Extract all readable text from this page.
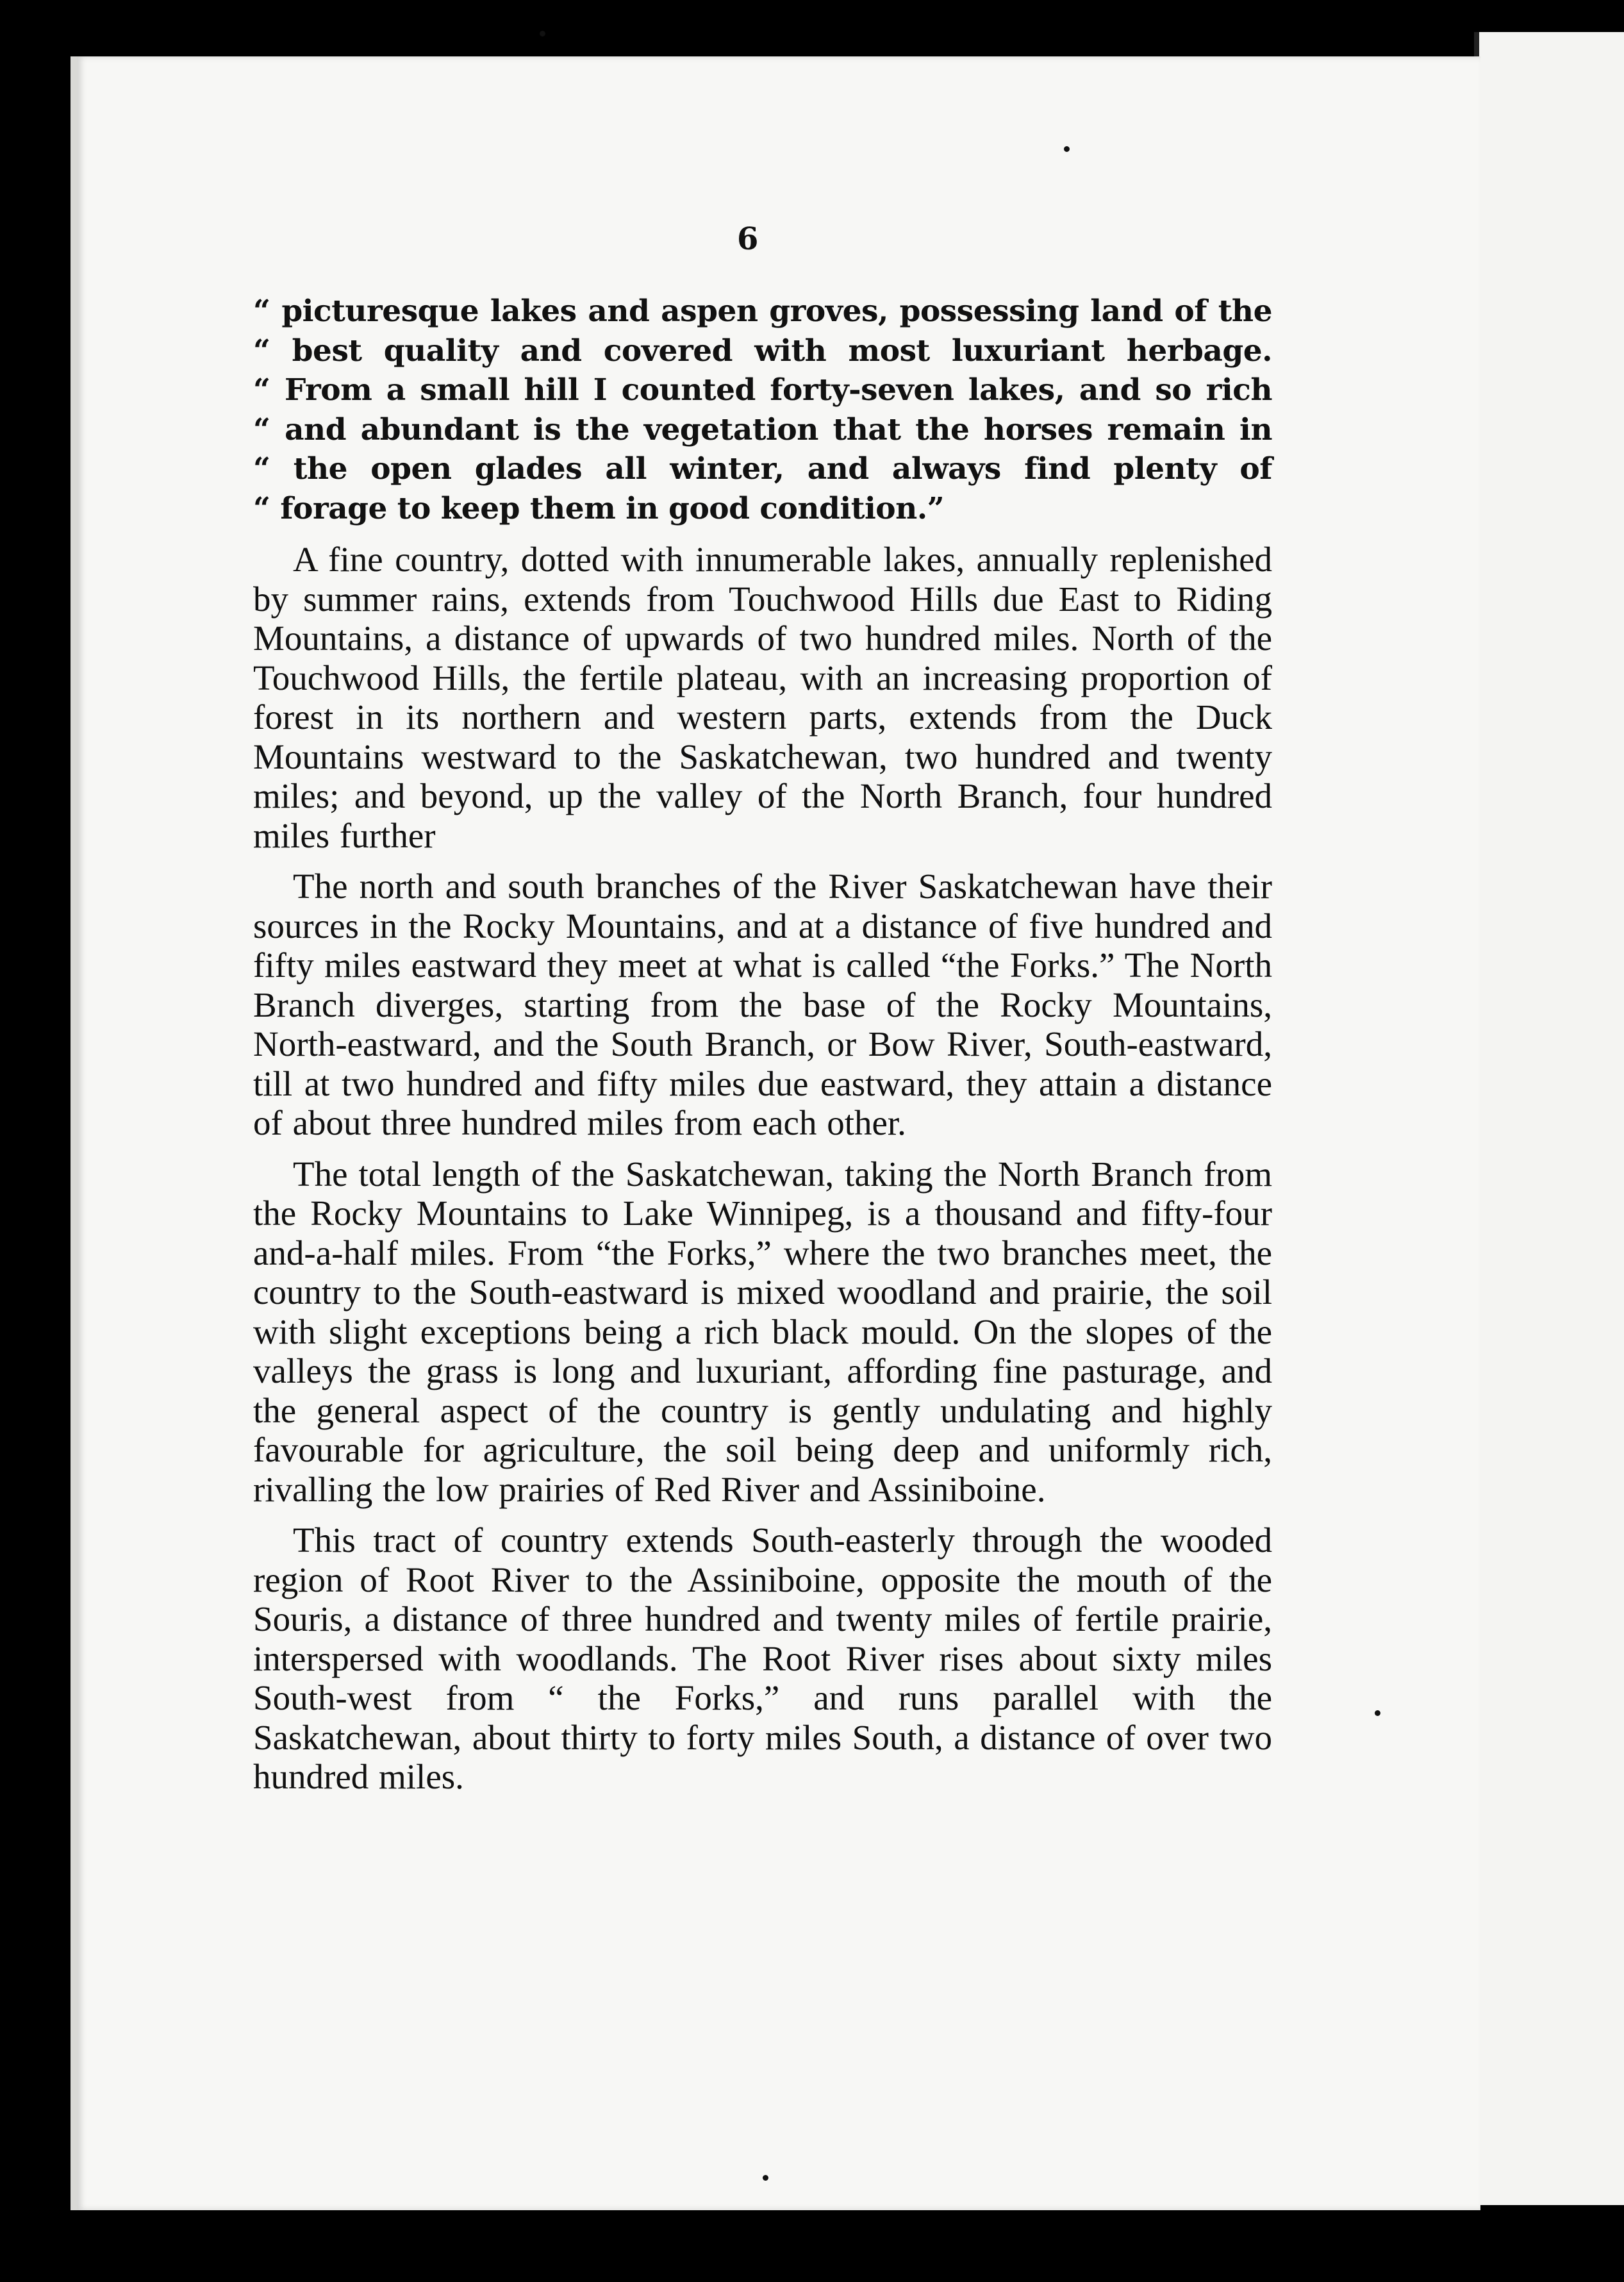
6
“ picturesque lakes and aspen groves, possessing land of the
“ best quality and covered with most luxuriant herbage.
“ From a small hill I counted forty-seven lakes, and so rich
“ and abundant is the vegetation that the horses remain in
“ the open glades all winter, and always find plenty of
“ forage to keep them in good condition.”

A fine country, dotted with innumerable lakes, annually replenished by summer rains, extends from Touchwood Hills due East to Riding Mountains, a distance of upwards of two hundred miles. North of the Touchwood Hills, the fertile plateau, with an increasing proportion of forest in its northern and western parts, extends from the Duck Mountains westward to the Saskatchewan, two hundred and twenty miles; and beyond, up the valley of the North Branch, four hundred miles further

The north and south branches of the River Saskatchewan have their sources in the Rocky Mountains, and at a distance of five hundred and fifty miles eastward they meet at what is called “the Forks.” The North Branch diverges, starting from the base of the Rocky Mountains, North-eastward, and the South Branch, or Bow River, South-eastward, till at two hundred and fifty miles due eastward, they attain a distance of about three hundred miles from each other.

The total length of the Saskatchewan, taking the North Branch from the Rocky Mountains to Lake Winnipeg, is a thousand and fifty-four and-a-half miles. From “the Forks,” where the two branches meet, the country to the South-eastward is mixed woodland and prairie, the soil with slight exceptions being a rich black mould. On the slopes of the valleys the grass is long and luxuriant, affording fine pasturage, and the general aspect of the country is gently undulating and highly favourable for agriculture, the soil being deep and uniformly rich, rivalling the low prairies of Red River and Assiniboine.

This tract of country extends South-easterly through the wooded region of Root River to the Assiniboine, opposite the mouth of the Souris, a distance of three hundred and twenty miles of fertile prairie, interspersed with woodlands. The Root River rises about sixty miles South-west from “ the Forks,” and runs parallel with the Saskatchewan, about thirty to forty miles South, a distance of over two hundred miles.
